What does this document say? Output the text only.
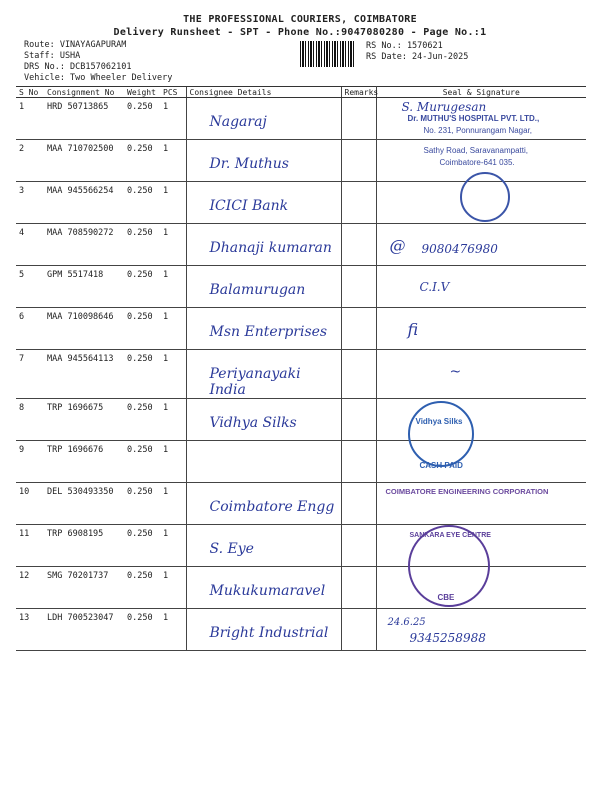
THE PROFESSIONAL COURIERS, COIMBATORE
Delivery Runsheet - SPT - Phone No.:9047080280 - Page No.:1
Route: VINAYAGAPURAM
Staff: USHA
DRS No.: DCB157062101
Vehicle: Two Wheeler Delivery
RS No.: 1570621
RS Date: 24-Jun-2025
S No	Consignment No	Weight	PCS	Consignee Details	Remarks	Seal & Signature
1	HRD 50713865	0.250	1	Nagaraj		S. Murugesan
Dr. MUTHU'S HOSPITAL PVT. LTD.,
No. 231, Ponnurangam Nagar,

2	MAA 710702500	0.250	1	Dr. Muthus		Sathy Road, Saravanampatti,
Coimbatore-641 035.

3	MAA 945566254	0.250	1	ICICI Bank		

4	MAA 708590272	0.250	1	Dhanaji kumaran		@ 9080476980

5	GPM 5517418	0.250	1	Balamurugan		C.I.V

6	MAA 710098646	0.250	1	Msn Enterprises		ﬁ

7	MAA 945564113	0.250	1	Periyanayaki India		~

8	TRP 1696675	0.250	1	Vidhya Silks		Vidhya Silks

9	TRP 1696676	0.250	1			CASH PAID

10	DEL 530493350	0.250	1	Coimbatore Engg		COIMBATORE ENGINEERING CORPORATION

11	TRP 6908195	0.250	1	S. Eye		SANKARA EYE CENTRE

12	SMG 70201737	0.250	1	Mukukumaravel		CBE

13	LDH 700523047	0.250	1	Bright Industrial		24.6.25
9345258988
